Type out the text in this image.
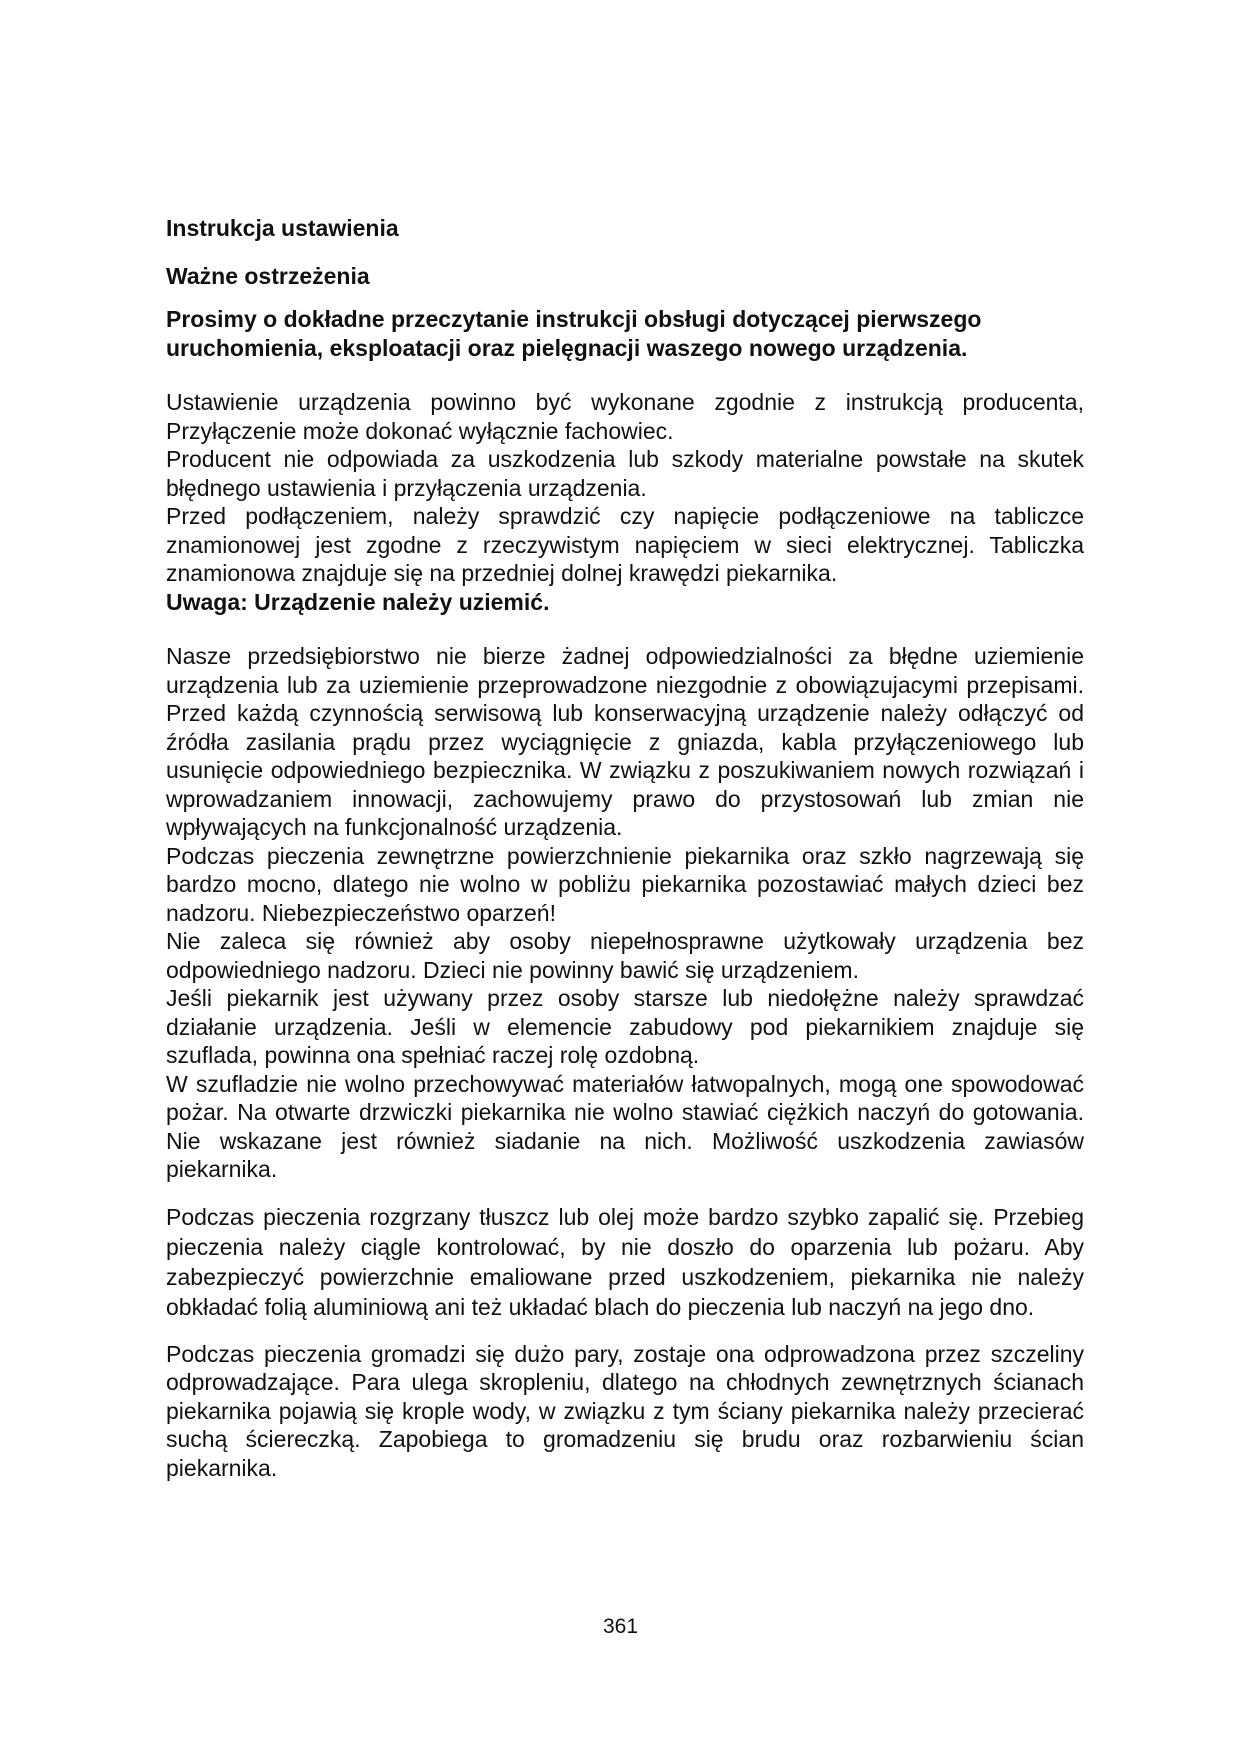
Instrukcja ustawienia
Ważne ostrzeżenia
Prosimy o dokładne przeczytanie instrukcji obsługi dotyczącej pierwszego uruchomienia, eksploatacji oraz pielęgnacji waszego nowego urządzenia.

Ustawienie urządzenia powinno być wykonane zgodnie z instrukcją producenta, Przyłączenie może dokonać wyłącznie fachowiec.

Producent nie odpowiada za uszkodzenia lub szkody materialne powstałe na skutek błędnego ustawienia i przyłączenia urządzenia.

Przed podłączeniem, należy sprawdzić czy napięcie podłączeniowe na tabliczce znamionowej jest zgodne z rzeczywistym napięciem w sieci elektrycznej. Tabliczka znamionowa znajduje się na przedniej dolnej krawędzi piekarnika.

Uwaga: Urządzenie należy uziemić.

Nasze przedsiębiorstwo nie bierze żadnej odpowiedzialności za błędne uziemienie urządzenia lub za uziemienie przeprowadzone niezgodnie z obowiązujacymi przepisami. Przed każdą czynnością serwisową lub konserwacyjną urządzenie należy odłączyć od źródła zasilania prądu przez wyciągnięcie z gniazda, kabla przyłączeniowego lub usunięcie odpowiedniego bezpiecznika. W związku z poszukiwaniem nowych rozwiązań i wprowadzaniem innowacji, zachowujemy prawo do przystosowań lub zmian nie wpływających na funkcjonalność urządzenia.

Podczas pieczenia zewnętrzne powierzchnienie piekarnika oraz szkło nagrzewają się bardzo mocno, dlatego nie wolno w pobliżu piekarnika pozostawiać małych dzieci bez nadzoru. Niebezpieczeństwo oparzeń!

Nie zaleca się również aby osoby niepełnosprawne użytkowały urządzenia bez odpowiedniego nadzoru. Dzieci nie powinny bawić się urządzeniem.

Jeśli piekarnik jest używany przez osoby starsze lub niedołężne należy sprawdzać działanie urządzenia. Jeśli w elemencie zabudowy pod piekarnikiem znajduje się szuflada, powinna ona spełniać raczej rolę ozdobną.

W szufladzie nie wolno przechowywać materiałów łatwopalnych, mogą one spowodować pożar. Na otwarte drzwiczki piekarnika nie wolno stawiać ciężkich naczyń do gotowania. Nie wskazane jest również siadanie na nich. Możliwość uszkodzenia zawiasów piekarnika.

Podczas pieczenia rozgrzany tłuszcz lub olej może bardzo szybko zapalić się. Przebieg pieczenia należy ciągle kontrolować, by nie doszło do oparzenia lub pożaru. Aby zabezpieczyć powierzchnie emaliowane przed uszkodzeniem, piekarnika nie należy obkładać folią aluminiową ani też układać blach do pieczenia lub naczyń na jego dno.

Podczas pieczenia gromadzi się dużo pary, zostaje ona odprowadzona przez szczeliny odprowadzające. Para ulega skropleniu, dlatego na chłodnych zewnętrznych ścianach piekarnika pojawią się krople wody, w związku z tym ściany piekarnika należy przecierać suchą ściereczką. Zapobiega to gromadzeniu się brudu oraz rozbarwieniu ścian piekarnika.

361
